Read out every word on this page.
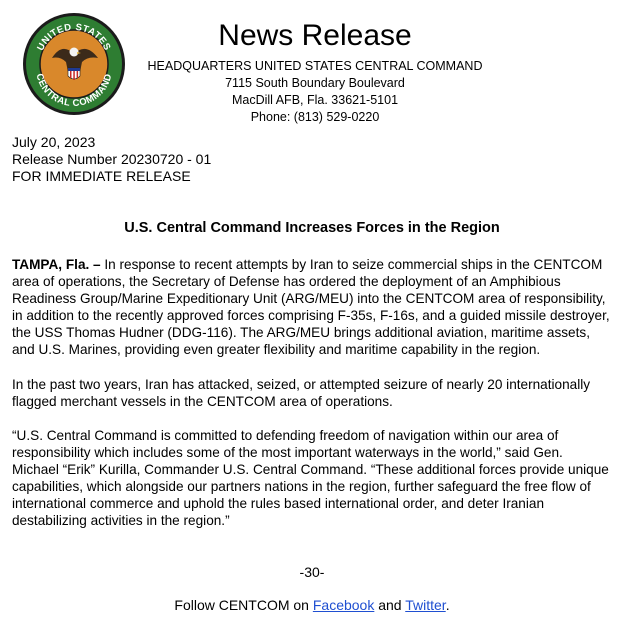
UNITED STATES
CENTRAL COMMAND
News Release
HEADQUARTERS UNITED STATES CENTRAL COMMAND
7115 South Boundary Boulevard
MacDill AFB, Fla. 33621-5101
Phone: (813) 529-0220
July 20, 2023
Release Number 20230720 - 01
FOR IMMEDIATE RELEASE
U.S. Central Command Increases Forces in the Region

TAMPA, Fla. – In response to recent attempts by Iran to seize commercial ships in the CENTCOM area of operations, the Secretary of Defense has ordered the deployment of an Amphibious Readiness Group/Marine Expeditionary Unit (ARG/MEU) into the CENTCOM area of responsibility, in addition to the recently approved forces comprising F-35s, F-16s, and a guided missile destroyer, the USS Thomas Hudner (DDG-116). The ARG/MEU brings additional aviation, maritime assets, and U.S. Marines, providing even greater flexibility and maritime capability in the region.

In the past two years, Iran has attacked, seized, or attempted seizure of nearly 20 internationally flagged merchant vessels in the CENTCOM area of operations.

“U.S. Central Command is committed to defending freedom of navigation within our area of responsibility which includes some of the most important waterways in the world,” said Gen. Michael “Erik” Kurilla, Commander U.S. Central Command. “These additional forces provide unique capabilities, which alongside our partners nations in the region, further safeguard the free flow of international commerce and uphold the rules based international order, and deter Iranian destabilizing activities in the region.”

-30-
Follow CENTCOM on Facebook and Twitter.
